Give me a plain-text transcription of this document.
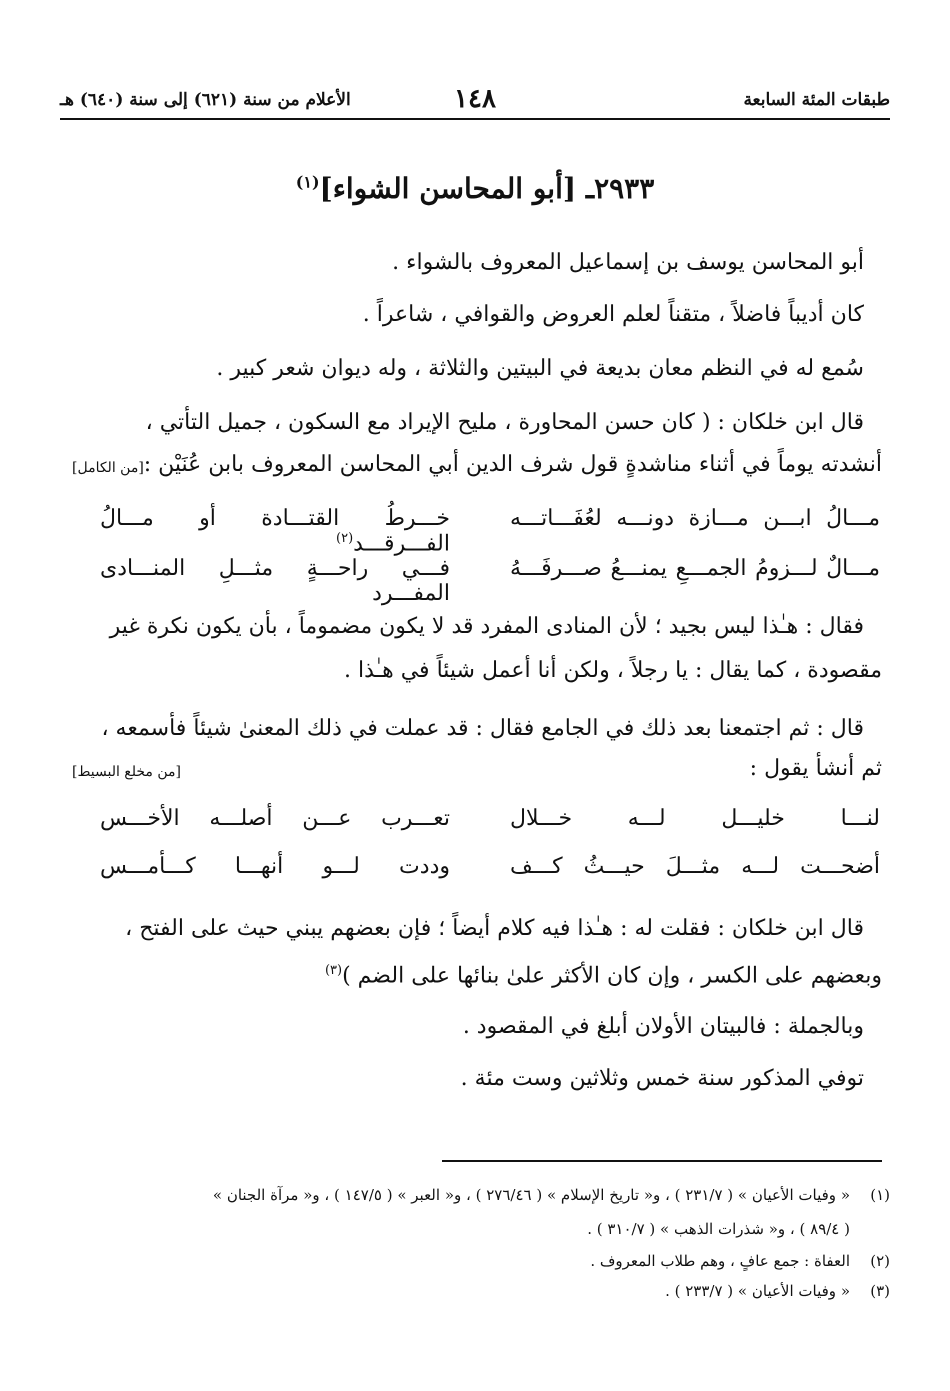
طبقات المئة السابعة
١٤٨
الأعلام من سنة (٦٢١) إلى سنة (٦٤٠) هـ
٢٩٣٣ـ [أبو المحاسن الشواء]$^{(١)}$
أبو المحاسن يوسف بن إسماعيل المعروف بالشواء .
كان أديباً فاضلاً ، متقناً لعلم العروض والقوافي ، شاعراً .
سُمع له في النظم معان بديعة في البيتين والثلاثة ، وله ديوان شعر كبير .
قال ابن خلكان : ( كان حسن المحاورة ، مليح الإيراد مع السكون ، جميل التأتي ،
أنشدته يوماً في أثناء مناشدةٍ قول شرف الدين أبي المحاسن المعروف بابن عُنَيْن :
[من الكامل]
مـــالُ ابـــن مـــازة دونـــه لعُفَـــاتـــه
خـــرطُ القتـــادة أو مـــالُ الفـــرقـــد$^{(٢)}$
مـــالٌ لـــزومُ الجمـــعِ يمنـــعُ صـــرفَـــهُ
فـــي راحـــةٍ مثـــلِ المنـــادى المفـــرد
فقال : هـٰذا ليس بجيد ؛ لأن المنادى المفرد قد لا يكون مضموماً ، بأن يكون نكرة غير
مقصودة ، كما يقال : يا رجلاً ، ولكن أنا أعمل شيئاً في هـٰذا .
قال : ثم اجتمعنا بعد ذلك في الجامع فقال : قد عملت في ذلك المعنىٰ شيئاً فأسمعه ،
ثم أنشأ يقول :
[من مخلع البسيط]
لنـــا خليـــل لـــه خـــلال
تعـــرب عـــن أصلـــه الأخـــس
أضحـــت لـــه مثـــلَ حيـــثُ كـــف
وددت لـــو أنهـــا كـــأمـــس
قال ابن خلكان : فقلت له : هـٰذا فيه كلام أيضاً ؛ فإن بعضهم يبني حيث على الفتح ،
وبعضهم على الكسر ، وإن كان الأكثر علىٰ بنائها على الضم )$^{(٣)}$
وبالجملة : فالبيتان الأولان أبلغ في المقصود .
توفي المذكور سنة خمس وثلاثين وست مئة .
(١)« وفيات الأعيان » ( ٢٣١/٧ ) ، و« تاريخ الإسلام » ( ٢٧٦/٤٦ ) ، و« العبر » ( ١٤٧/٥ ) ، و« مرآة الجنان »
( ٨٩/٤ ) ، و« شذرات الذهب » ( ٣١٠/٧ ) .
(٢)العفاة : جمع عافٍ ، وهم طلاب المعروف .
(٣)« وفيات الأعيان » ( ٢٣٣/٧ ) .
